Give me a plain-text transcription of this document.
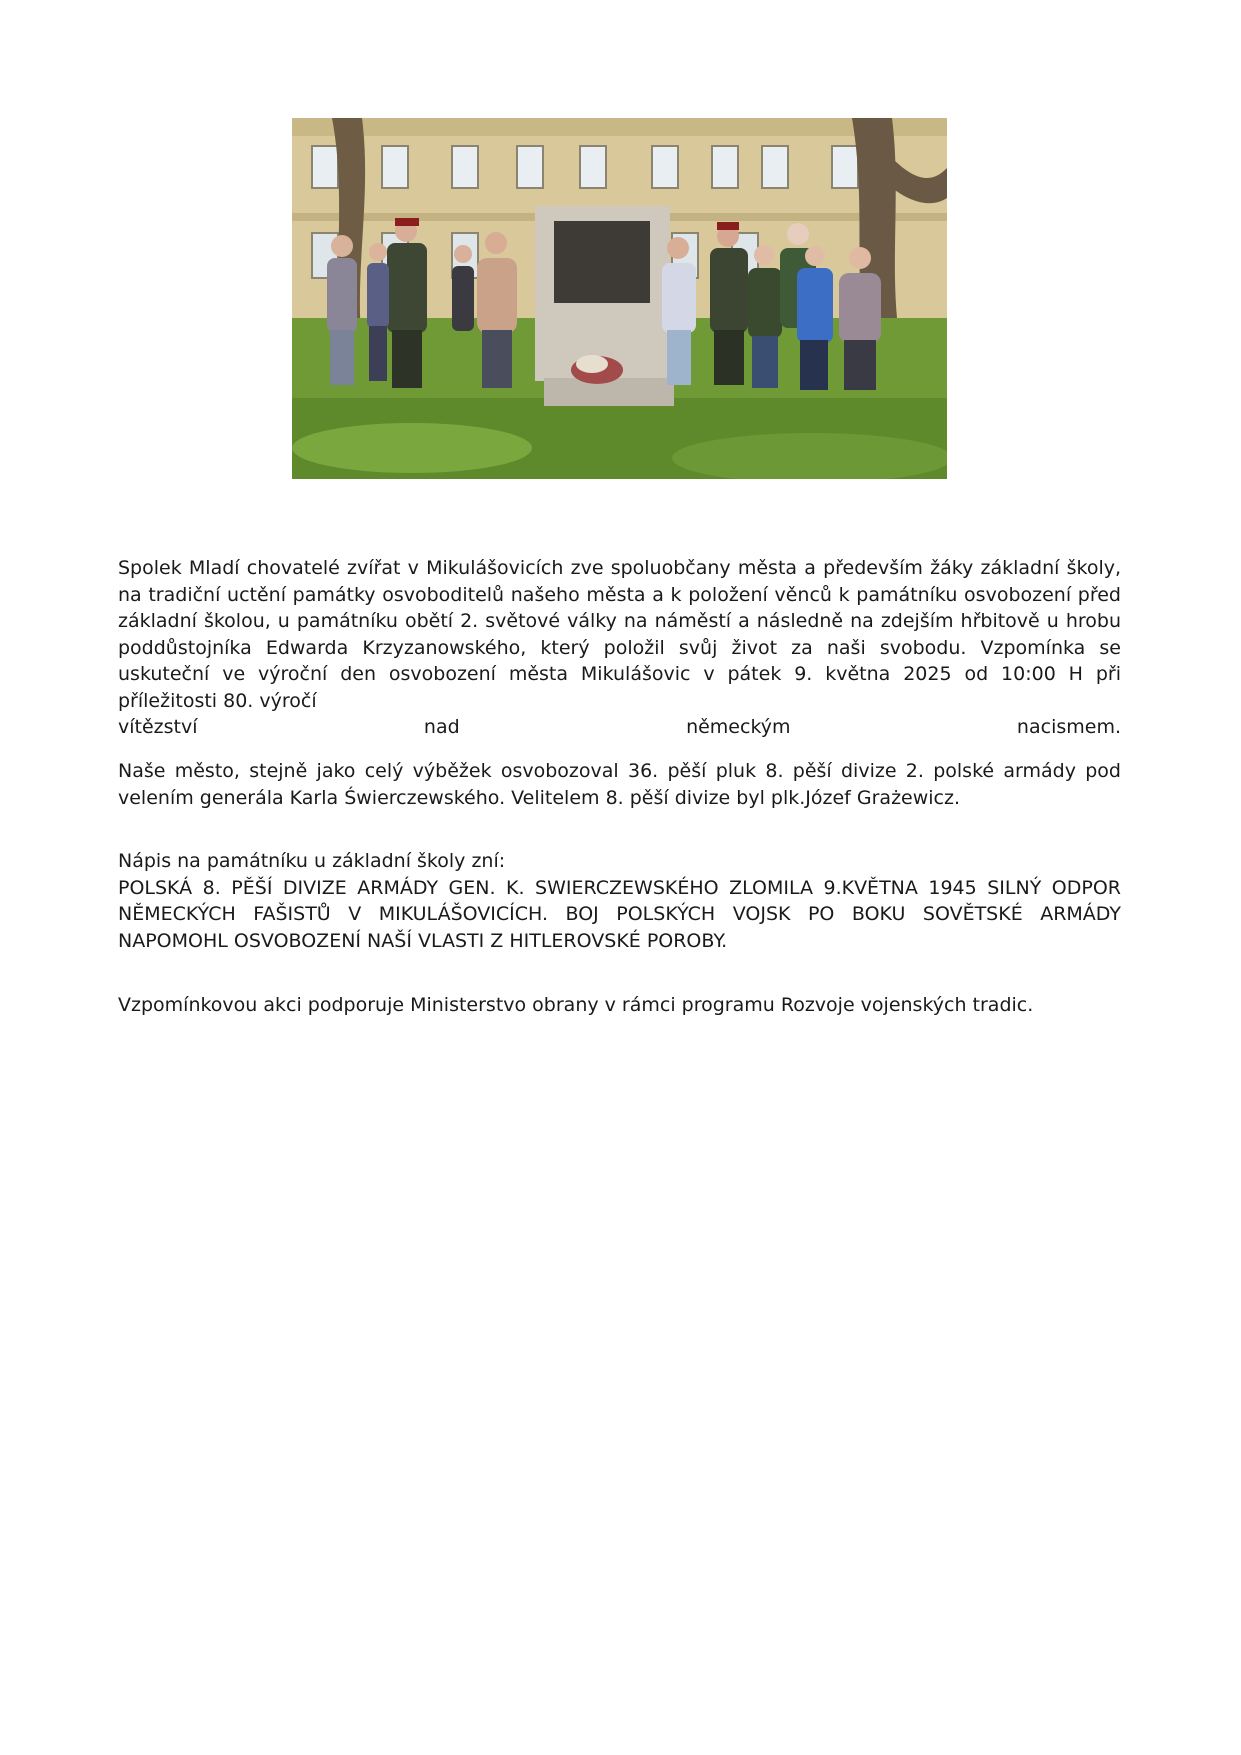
Spolek Mladí chovatelé zvířat v Mikulášovicích zve spoluobčany města a především žáky základní školy, na tradiční uctění památky osvoboditelů našeho města a k položení věnců k památníku osvobození před základní školou, u památníku obětí 2. světové války na náměstí a následně na zdejším hřbitově u hrobu poddůstojníka Edwarda Krzyzanowského, který položil svůj život za naši svobodu. Vzpomínka se uskuteční ve výroční den osvobození města Mikulášovic v pátek 9. května 2025 od 10:00 H při příležitosti 80. výročí

vítězství nad německým nacismem.

Naše město, stejně jako celý výběžek osvobozoval 36. pěší pluk 8. pěší divize 2. polské armády pod velením generála Karla Świerczewského. Velitelem 8. pěší divize byl plk.Józef Grażewicz.

Nápis na památníku u základní školy zní:

POLSKÁ 8. PĚŠÍ DIVIZE ARMÁDY GEN. K. SWIERCZEWSKÉHO ZLOMILA 9.KVĚTNA 1945 SILNÝ ODPOR NĚMECKÝCH FAŠISTŮ V MIKULÁŠOVICÍCH. BOJ POLSKÝCH VOJSK PO BOKU SOVĚTSKÉ ARMÁDY NAPOMOHL OSVOBOZENÍ NAŠÍ VLASTI Z HITLEROVSKÉ POROBY.

Vzpomínkovou akci podporuje Ministerstvo obrany v rámci programu Rozvoje vojenských tradic.
